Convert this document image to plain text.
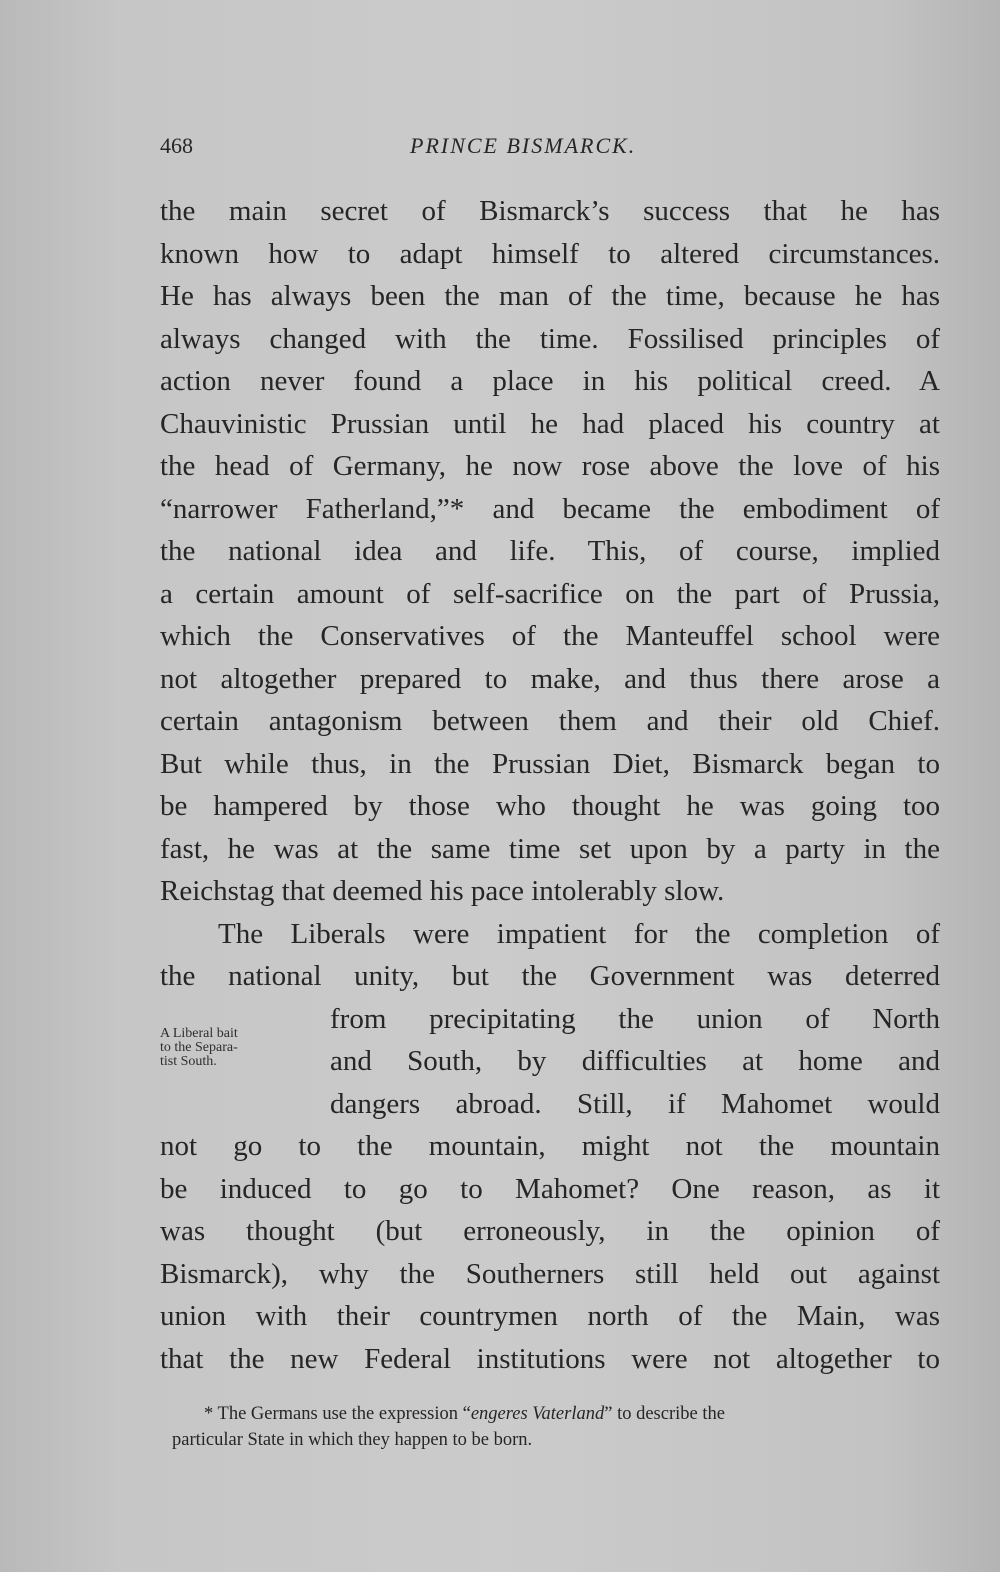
468	PRINCE BISMARCK.
the main secret of Bismarck’s success that he has
known how to adapt himself to altered circumstances.
He has always been the man of the time, because he has
always changed with the time. Fossilised principles of
action never found a place in his political creed. A
Chauvinistic Prussian until he had placed his country at
the head of Germany, he now rose above the love of his
“narrower Fatherland,”* and became the embodiment of
the national idea and life. This, of course, implied
a certain amount of self-sacrifice on the part of Prussia,
which the Conservatives of the Manteuffel school were
not altogether prepared to make, and thus there arose a
certain antagonism between them and their old Chief.
But while thus, in the Prussian Diet, Bismarck began to
be hampered by those who thought he was going too
fast, he was at the same time set upon by a party in the
Reichstag that deemed his pace intolerably slow.
The Liberals were impatient for the completion of
the national unity, but the Government was deterred
from precipitating the union of North
and South, by difficulties at home and
dangers abroad. Still, if Mahomet would
not go to the mountain, might not the mountain
be induced to go to Mahomet? One reason, as it
was thought (but erroneously, in the opinion of
Bismarck), why the Southerners still held out against
union with their countrymen north of the Main, was
that the new Federal institutions were not altogether to
A Liberal bait
to the Separa-
tist South.
* The Germans use the expression “engeres Vaterland” to describe the
particular State in which they happen to be born.
